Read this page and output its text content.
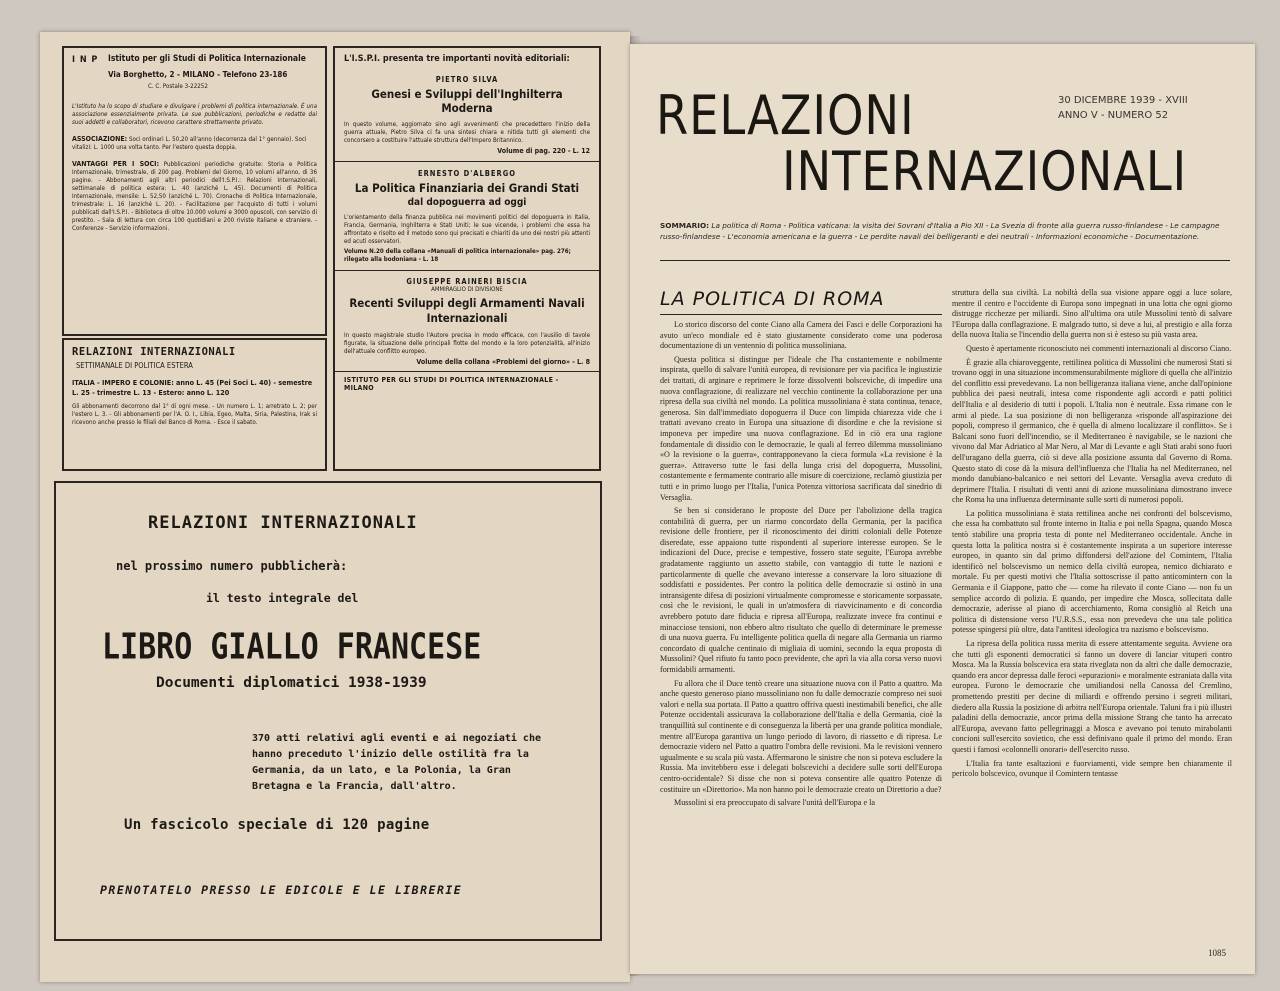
I N P	Istituto per gli Studi di Politica Internazionale
Via Borghetto, 2 - MILANO - Telefono 23-186
C. C. Postale 3-22252
L'Istituto ha lo scopo di studiare e divulgare i problemi di politica internazionale. È una associazione essenzialmente privata. Le sue pubblicazioni, periodiche e redatte dai suoi addetti e collaboratori, ricevono carattere strettamente privato.
ASSOCIAZIONE: Soci ordinari L. 50,20 all'anno (decorrenza dal 1° gennaio). Soci vitalizi: L. 1000 una volta tanto. Per l'estero questa doppia.
VANTAGGI PER I SOCI: Pubblicazioni periodiche gratuite: Storia e Politica Internazionale, trimestrale, di 200 pag. Problemi del Giorno, 10 volumi all'anno, di 36 pagine. - Abbonamenti agli altri periodici dell'I.S.P.I.: Relazioni Internazionali, settimanale di politica estera: L. 40 (anziché L. 45). Documenti di Politica Internazionale, mensile: L. 52,50 (anziché L. 70). Cronache di Politica Internazionale, trimestrale: L. 16 (anziché L. 20). - Facilitazione per l'acquisto di tutti i volumi pubblicati dall'I.S.P.I. - Biblioteca di oltre 10.000 volumi e 3000 opuscoli, con servizio di prestito. - Sala di lettura con circa 100 quotidiani e 200 riviste italiane e straniere. - Conferenze - Servizio informazioni.
L'I.S.P.I. presenta tre importanti novità editoriali:
PIETRO SILVA
Genesi e Sviluppi dell'Inghilterra Moderna
In questo volume, aggiornato sino agli avvenimenti che precedettero l'inizio della guerra attuale, Pietro Silva ci fa una sintesi chiara e nitida tutti gli elementi che concorsero a costituire l'attuale struttura dell'Impero Britannico.
Volume di pag. 220 - L. 12
ERNESTO D'ALBERGO
La Politica Finanziaria dei Grandi Stati
dal dopoguerra ad oggi
L'orientamento della finanza pubblica nei movimenti politici del dopoguerra in Italia, Francia, Germania, Inghilterra e Stati Uniti; le sue vicende, i problemi che essa ha affrontato e risolto ed il metodo sono qui precisati e chiariti da uno dei nostri più attenti ed acuti osservatori.
Volume N.20 della collana «Manuali di politica internazionale» pag. 276; rilegato alla bodoniana - L. 18
GIUSEPPE RAINERI BISCIA
AMMIRAGLIO DI DIVISIONE
Recenti Sviluppi degli Armamenti Navali Internazionali
In questo magistrale studio l'Autore precisa in modo efficace, con l'ausilio di tavole figurate, la situazione delle principali flotte del mondo e la loro potenzialità, all'inizio dell'attuale conflitto europeo.
Volume della collana «Problemi del giorno» - L. 8
ISTITUTO PER GLI STUDI DI POLITICA INTERNAZIONALE - MILANO
RELAZIONI INTERNAZIONALI
SETTIMANALE DI POLITICA ESTERA
ITALIA - IMPERO E COLONIE: anno L. 45 (Pei Soci L. 40) - semestre L. 25 - trimestre L. 13 - Estero: anno L. 120
Gli abbonamenti decorrono dal 1° di ogni mese. - Un numero L. 1; arretrato L. 2; per l'estero L. 3. - Gli abbonamenti per l'A. O. I., Libia, Egeo, Malta, Siria, Palestina, Irak si ricevono anche presso le filiali del Banco di Roma. - Esce il sabato.
RELAZIONI INTERNAZIONALI
nel prossimo numero pubblicherà:
il testo integrale del
LIBRO GIALLO FRANCESE
Documenti diplomatici 1938-1939
370 atti relativi agli eventi e ai negoziati che hanno preceduto l'inizio delle ostilità fra la Germania, da un lato, e la Polonia, la Gran Bretagna e la Francia, dall'altro.
Un fascicolo speciale di 120 pagine
PRENOTATELO PRESSO LE EDICOLE E LE LIBRERIE
RELAZIONI
INTERNAZIONALI
30 DICEMBRE 1939 - XVIII
ANNO V - NUMERO 52
SOMMARIO: La politica di Roma - Politica vaticana: la visita dei Sovrani d'Italia a Pio XII - La Svezia di fronte alla guerra russo-finlandese - Le campagne russo-finlandese - L'economia americana e la guerra - Le perdite navali dei belligeranti e dei neutrali - Informazioni economiche - Documentazione.
LA POLITICA DI ROMA

Lo storico discorso del conte Ciano alla Camera dei Fasci e delle Corporazioni ha avuto un'eco mondiale ed è stato giustamente considerato come una poderosa documentazione di un ventennio di politica mussoliniana.

Questa politica si distingue per l'ideale che l'ha costantemente e nobilmente inspirata, quello di salvare l'unità europea, di revisionare per via pacifica le ingiustizie dei trattati, di arginare e reprimere le forze dissolventi bolsceviche, di impedire una nuova conflagrazione, di realizzare nel vecchio continente la collaborazione per una ripresa della sua civiltà nel mondo. La politica mussoliniana è stata continua, tenace, generosa. Sin dall'immediato dopoguerra il Duce con limpida chiarezza vide che i trattati avevano creato in Europa una situazione di disordine e che la revisione si imponeva per impedire una nuova conflagrazione. Ed in ciò era una ragione fondamentale di dissidio con le democrazie, le quali al ferreo dilemma mussoliniano «O la revisione o la guerra», contrapponevano la cieca formula «La revisione è la guerra». Attraverso tutte le fasi della lunga crisi del dopoguerra, Mussolini, costantemente e fermamente contrario alle misure di coercizione, reclamò giustizia per tutti e in primo luogo per l'Italia, l'unica Potenza vittoriosa sacrificata dal sinedrio di Versaglia.

Se ben si considerano le proposte del Duce per l'abolizione della tragica contabilità di guerra, per un riarmo concordato della Germania, per la pacifica revisione delle frontiere, per il riconoscimento dei diritti coloniali delle Potenze diseredate, esse appaiono tutte rispondenti al superiore interesse europeo. Se le indicazioni del Duce, precise e tempestive, fossero state seguite, l'Europa avrebbe gradatamente raggiunto un assetto stabile, con vantaggio di tutte le nazioni e particolarmente di quelle che avevano interesse a conservare la loro situazione di soddisfatti e possidentes. Per contro la politica delle democrazie si ostinò in una intransigente difesa di posizioni virtualmente compromesse e storicamente sorpassate, così che le revisioni, le quali in un'atmosfera di riavvicinamento e di concordia avrebbero potuto dare fiducia e ripresa all'Europa, realizzate invece fra continui e minacciose tensioni, non ebbero altro risultato che quello di determinare le premesse di una nuova guerra. Fu intelligente politica quella di negare alla Germania un riarmo concordato di qualche centinaio di migliaia di uomini, secondo la equa proposta di Mussolini? Quel rifiuto fu tanto poco previdente, che aprì la via alla corsa verso nuovi formidabili armamenti.

Fu allora che il Duce tentò creare una situazione nuova con il Patto a quattro. Ma anche questo generoso piano mussoliniano non fu dalle democrazie compreso nei suoi valori e nella sua portata. Il Patto a quattro offriva questi inestimabili benefici, che alle Potenze occidentali assicurava la collaborazione dell'Italia e della Germania, cioè la tranquillità sul continente e di conseguenza la libertà per una grande politica mondiale, mentre all'Europa garantiva un lungo periodo di lavoro, di riassetto e di ripresa. Le democrazie videro nel Patto a quattro l'ombra delle revisioni. Ma le revisioni vennero ugualmente e su scala più vasta. Affermarono le sinistre che non si poteva escludere la Russia. Ma invitebbero esse i delegati bolscevichi a decidere sulle sorti dell'Europa centro-occidentale? Si disse che non si poteva consentire alle quattro Potenze di costituire un «Direttorio». Ma non hanno poi le democrazie creato un Direttorio a due?

Mussolini si era preoccupato di salvare l'unità dell'Europa e la

struttura della sua civiltà. La nobiltà della sua visione appare oggi a luce solare, mentre il centro e l'occidente di Europa sono impegnati in una lotta che ogni giorno distrugge ricchezze per miliardi. Sino all'ultima ora utile Mussolini tentò di salvare l'Europa dalla conflagrazione. E malgrado tutto, si deve a lui, al prestigio e alla forza della nuova Italia se l'incendio della guerra non si è esteso su più vasta area.

Questo è apertamente riconosciuto nei commenti internazionali al discorso Ciano.

È grazie alla chiaroveggente, rettilinea politica di Mussolini che numerosi Stati si trovano oggi in una situazione incommensurabilmente migliore di quella che all'inizio del conflitto essi prevedevano. La non belligeranza italiana viene, anche dall'opinione pubblica dei paesi neutrali, intesa come rispondente agli accordi e patti politici dell'Italia e al desiderio di tutti i popoli. L'Italia non è neutrale. Essa rimane con le armi al piede. La sua posizione di non belligeranza «risponde all'aspirazione dei popoli, compreso il germanico, che è quella di almeno localizzare il conflitto». Se i Balcani sono fuori dell'incendio, se il Mediterraneo è navigabile, se le nazioni che vivono dal Mar Adriatico al Mar Nero, al Mar di Levante e agli Stati arabi sono fuori dell'uragano della guerra, ciò si deve alla posizione assunta dal Governo di Roma. Questo stato di cose dà la misura dell'influenza che l'Italia ha nel Mediterraneo, nel mondo danubiano-balcanico e nei settori del Levante. Versaglia aveva creduto di deprimere l'Italia. I risultati di venti anni di azione mussoliniana dimostrano invece che Roma ha una influenza determinante sulle sorti di numerosi popoli.

La politica mussoliniana è stata rettilinea anche nei confronti del bolscevismo, che essa ha combattuto sul fronte interno in Italia e poi nella Spagna, quando Mosca tentò stabilire una propria testa di ponte nel Mediterraneo occidentale. Anche in questa lotta la politica nostra si è costantemente inspirata a un superiore interesse europeo, in quanto sin dal primo diffondersi dell'azione del Comintern, l'Italia identificò nel bolscevismo un nemico della civiltà europea, nemico dichiarato e mortale. Fu per questi motivi che l'Italia sottoscrisse il patto anticomintern con la Germania e il Giappone, patto che — come ha rilevato il conte Ciano — non fu un semplice accordo di polizia. E quando, per impedire che Mosca, sollecitata dalle democrazie, aderisse al piano di accerchiamento, Roma consigliò al Reich una politica di distensione verso l'U.R.S.S., essa non prevedeva che una tale politica potesse spingersi più oltre, data l'antitesi ideologica tra nazismo e bolscevismo.

La ripresa della politica russa merita di essere attentamente seguita. Avviene ora che tutti gli esponenti democratici si fanno un dovere di lanciar vituperi contro Mosca. Ma la Russia bolscevica era stata riveglata non da altri che dalle democrazie, quando era ancor depressa dalle feroci «epurazioni» e moralmente estraniata dalla vita europea. Furono le democrazie che umiliandosi nella Canossa del Cremlino, promettendo prestiti per decine di miliardi e offrendo persino i segreti militari, diedero alla Russia la posizione di arbitra nell'Europa orientale. Taluni fra i più illustri paladini della democrazie, ancor prima della missione Strang che tanto ha arrecato all'Europa, avevano fatto pellegrinaggi a Mosca e avevano poi tenuto mirabolanti concioni sull'esercito sovietico, che essi definivano quale il primo del mondo. Eran questi i famosi «colonnelli onorari» dell'esercito russo.

L'Italia fra tante esaltazioni e fuorviamenti, vide sempre ben chiaramente il pericolo bolscevico, ovunque il Comintern tentasse

1085
